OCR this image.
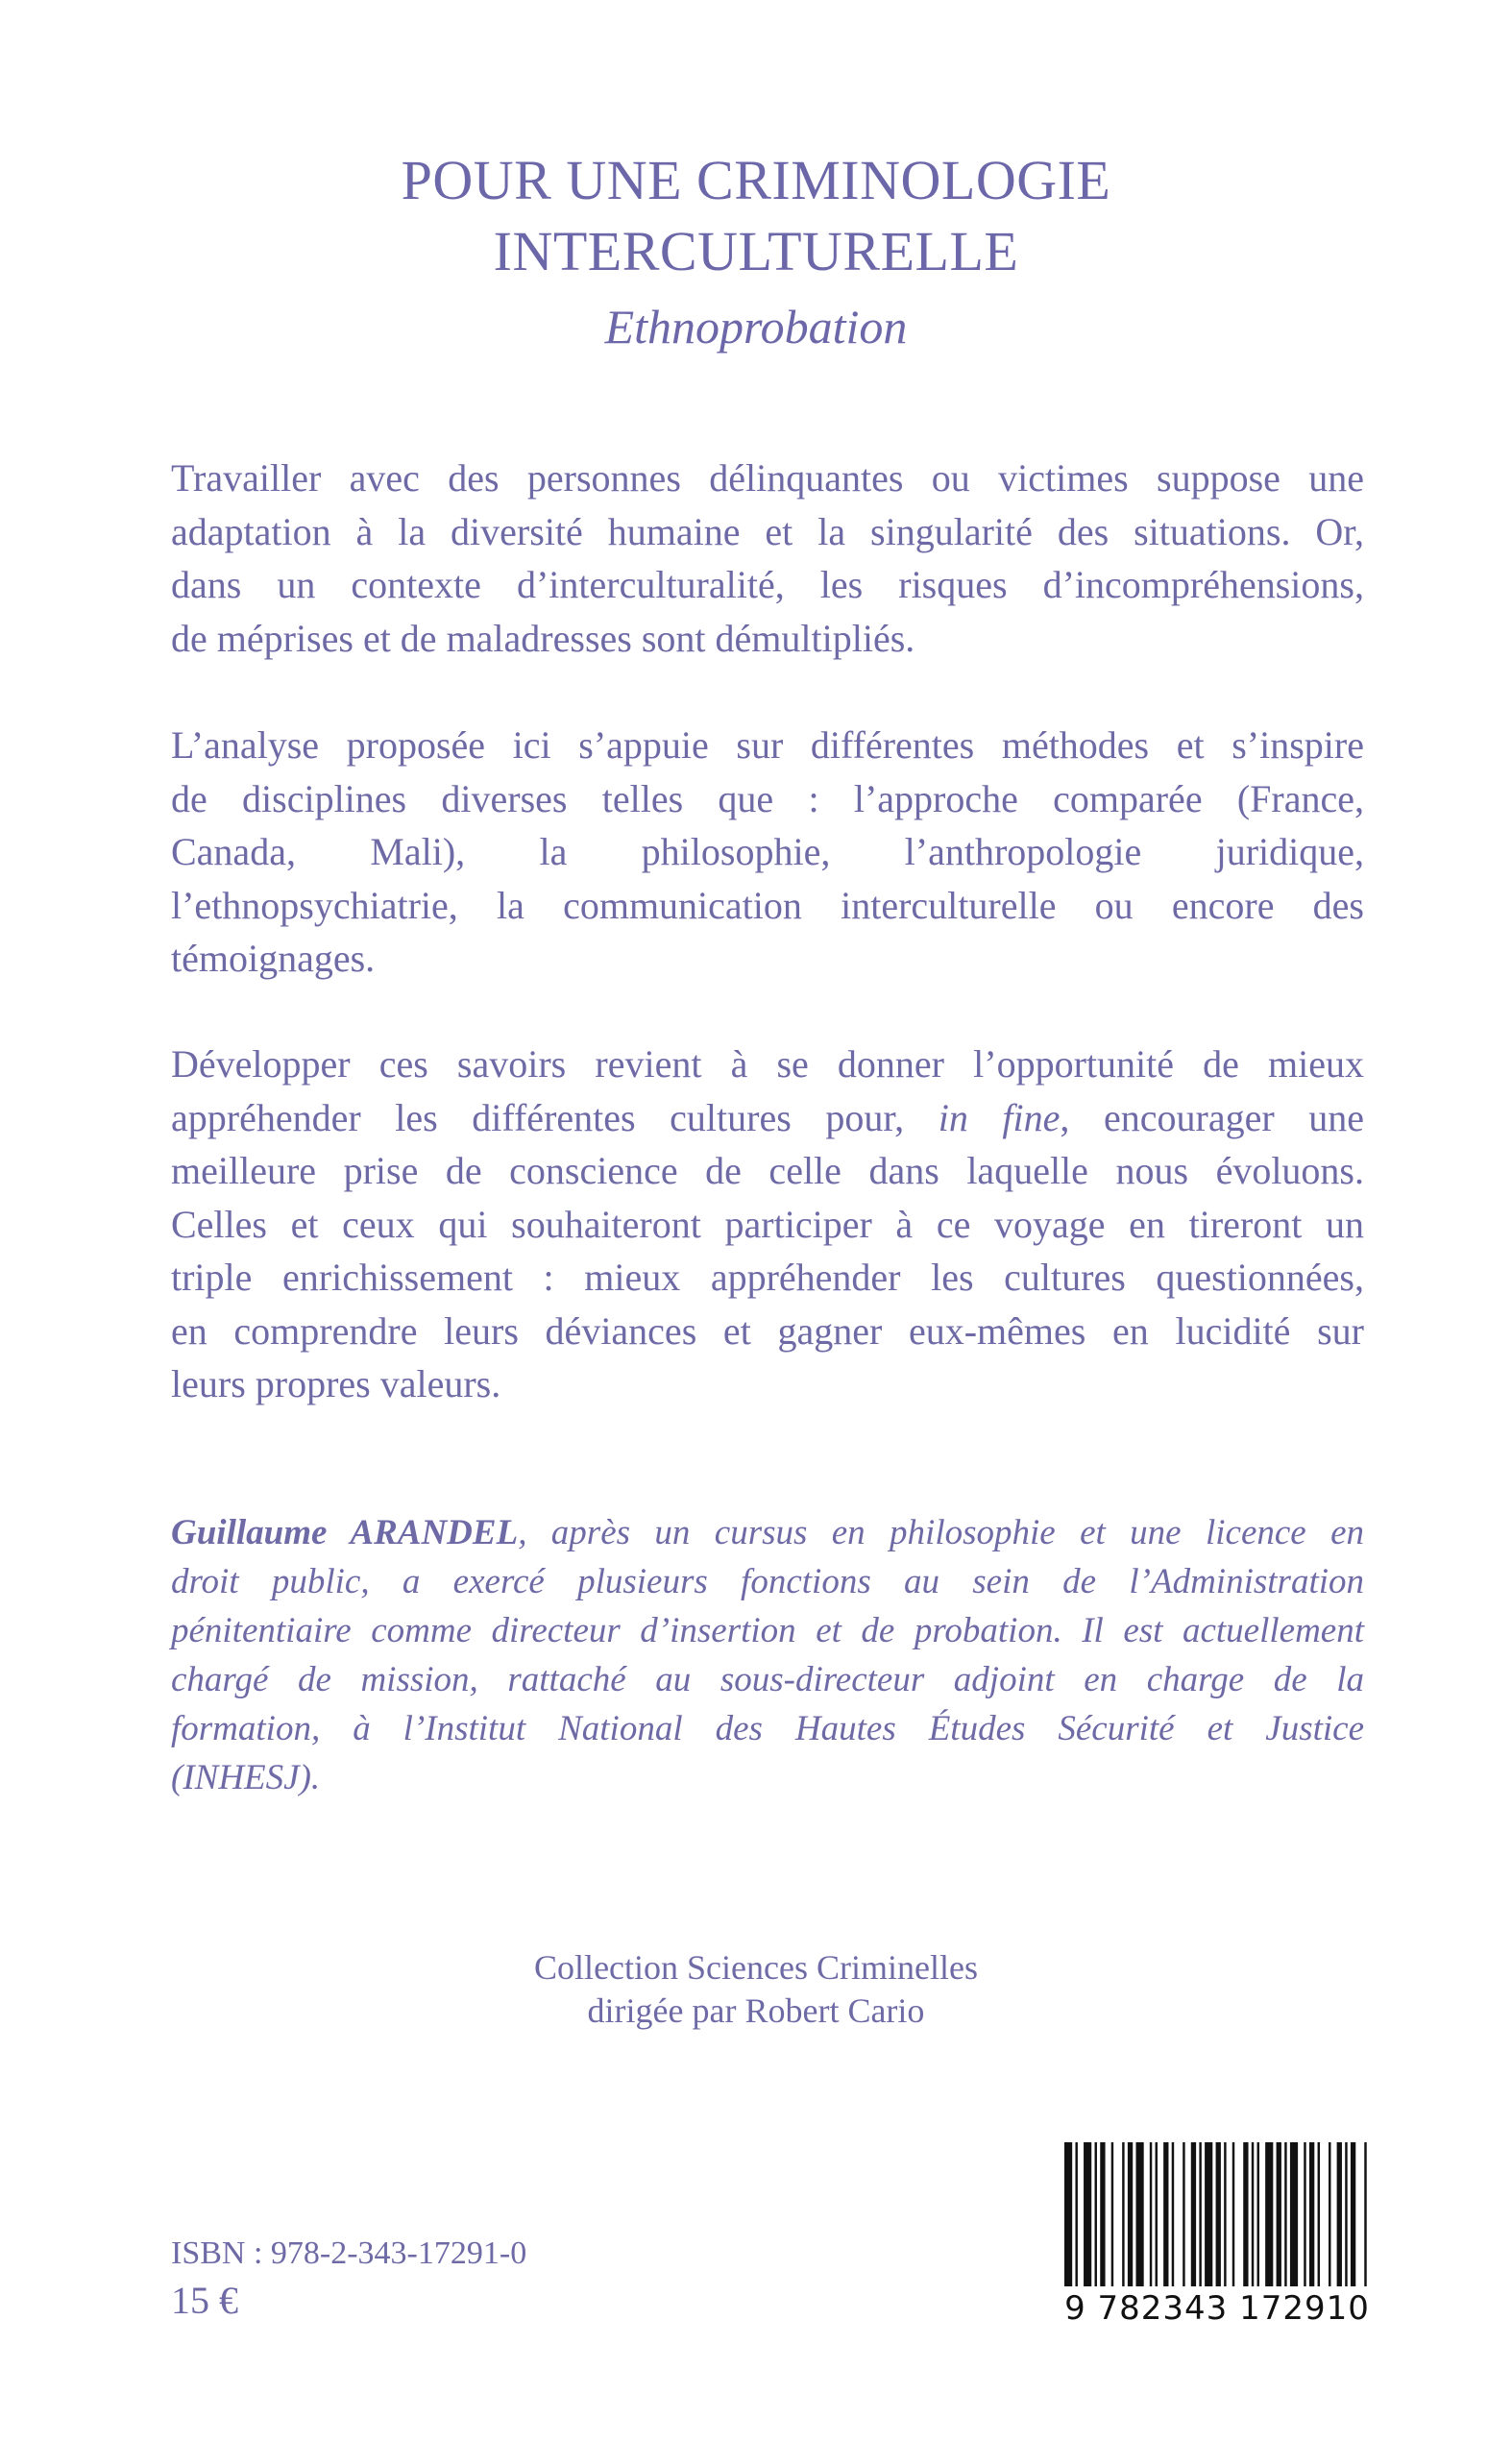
POUR UNE CRIMINOLOGIE
INTERCULTURELLE
Ethnoprobation
Travailler avec des personnes délinquantes ou victimes suppose une
adaptation à la diversité humaine et la singularité des situations. Or,
dans un contexte d’interculturalité, les risques d’incompréhensions,
de méprises et de maladresses sont démultipliés.
L’analyse proposée ici s’appuie sur différentes méthodes et s’inspire
de disciplines diverses telles que : l’approche comparée (France,
Canada, Mali), la philosophie, l’anthropologie juridique,
l’ethnopsychiatrie, la communication interculturelle ou encore des
témoignages.
Développer ces savoirs revient à se donner l’opportunité de mieux
appréhender les différentes cultures pour, in fine, encourager une
meilleure prise de conscience de celle dans laquelle nous évoluons.
Celles et ceux qui souhaiteront participer à ce voyage en tireront un
triple enrichissement : mieux appréhender les cultures questionnées,
en comprendre leurs déviances et gagner eux-mêmes en lucidité sur
leurs propres valeurs.
Guillaume ARANDEL, après un cursus en philosophie et une licence en
droit public, a exercé plusieurs fonctions au sein de l’Administration
pénitentiaire comme directeur d’insertion et de probation. Il est actuellement
chargé de mission, rattaché au sous-directeur adjoint en charge de la
formation, à l’Institut National des Hautes Études Sécurité et Justice
(INHESJ).
Collection Sciences Criminelles
dirigée par Robert Cario
ISBN : 978-2-343-17291-0
15 €	9 782343 172910
